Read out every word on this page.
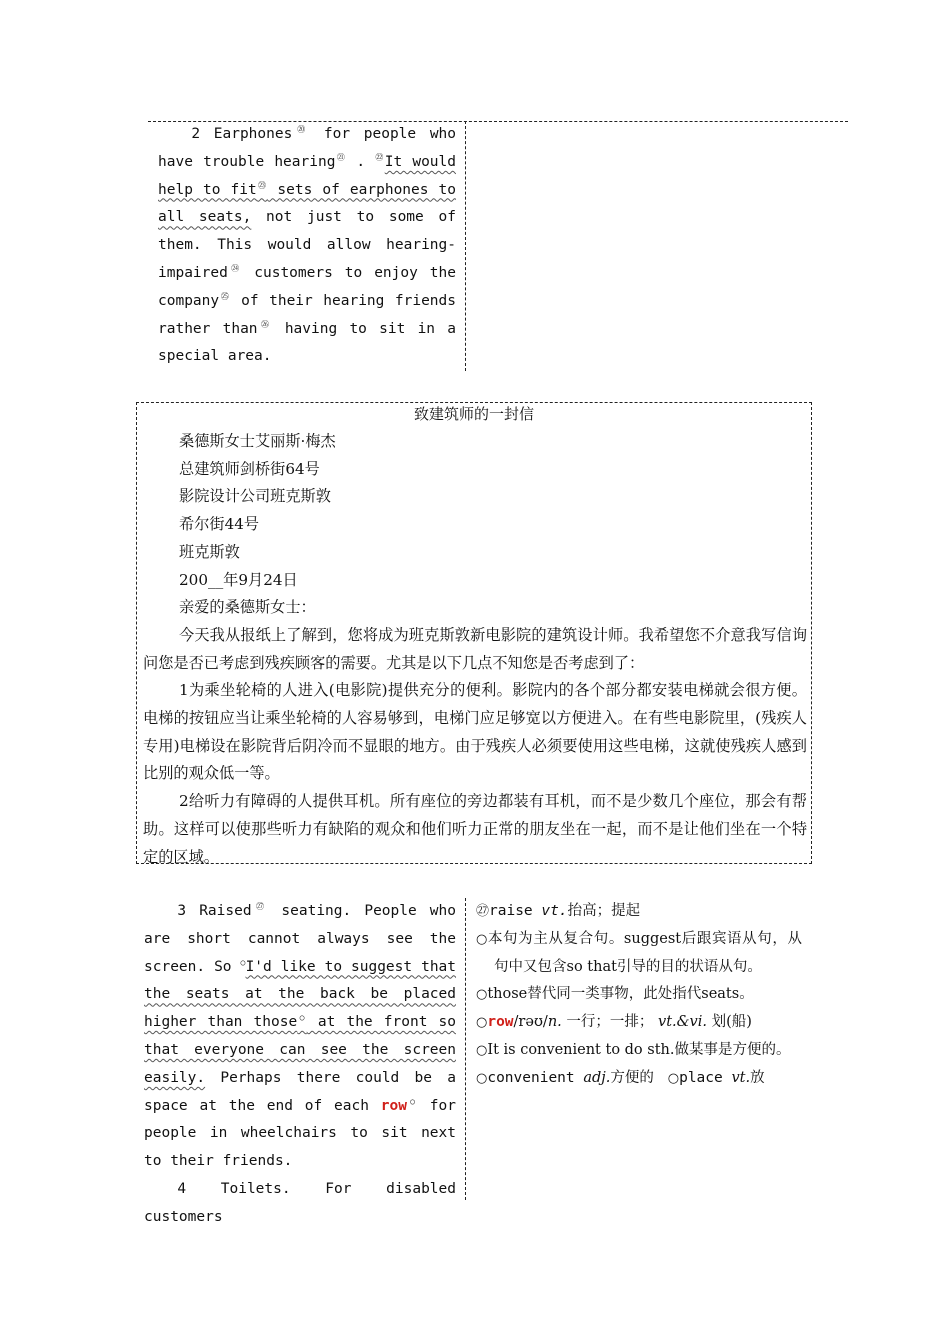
2 Earphones⑳ for people who have trouble hearing$^㉑$ . $^㉒$It would help to fit$^㉓$ sets of earphones to all seats, not just to some of them. This would allow hearing-impaired$^㉔$ customers to enjoy the company$^㉕$ of their hearing friends rather than$^㉖$ having to sit in a special area.

致建筑师的一封信

桑德斯女士艾丽斯·梅杰

总建筑师剑桥街64号

影院设计公司班克斯敦

希尔街44号

班克斯敦

200__年9月24日

亲爱的桑德斯女士：

今天我从报纸上了解到，您将成为班克斯敦新电影院的建筑设计师。我希望您不介意我写信询问您是否已考虑到残疾顾客的需要。尤其是以下几点不知您是否考虑到了：

1为乘坐轮椅的人进入(电影院)提供充分的便利。影院内的各个部分都安装电梯就会很方便。电梯的按钮应当让乘坐轮椅的人容易够到，电梯门应足够宽以方便进入。在有些电影院里，(残疾人专用)电梯设在影院背后阴冷而不显眼的地方。由于残疾人必须要使用这些电梯，这就使残疾人感到比别的观众低一等。

2给听力有障碍的人提供耳机。所有座位的旁边都装有耳机，而不是少数几个座位，那会有帮助。这样可以使那些听力有缺陷的观众和他们听力正常的朋友坐在一起，而不是让他们坐在一个特定的区域。

3 Raised$^㉗$ seating. People who are short cannot always see the screen. So ○I'd like to suggest that the seats at the back be placed higher than those○ at the front so that everyone can see the screen easily. Perhaps there could be a space at the end of each row○ for people in wheelchairs to sit next to their friends.

4 Toilets. For disabled customers

㉗raise vt.抬高；提起

○本句为主从复合句。suggest后跟宾语从句，从句中又包含so that引导的目的状语从句。

○those替代同一类事物，此处指代seats。

○row/rəʊ/n. 一行；一排； vt.&vi. 划(船)

○It is convenient to do sth.做某事是方便的。

○convenient adj.方便的 ○place vt.放
